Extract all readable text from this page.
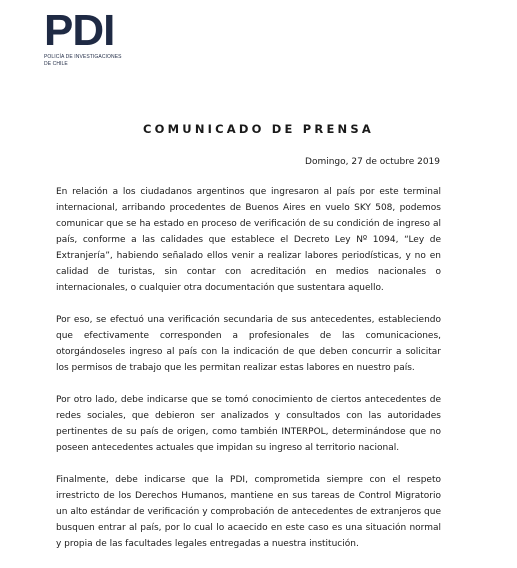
PDI
POLICÍA DE INVESTIGACIONES
DE CHILE
COMUNICADO DE PRENSA
Domingo, 27 de octubre 2019

En relación a los ciudadanos argentinos que ingresaron al país por este terminal internacional, arribando procedentes de Buenos Aires en vuelo SKY 508, podemos comunicar que se ha estado en proceso de verificación de su condición de ingreso al país, conforme a las calidades que establece el Decreto Ley Nº 1094, “Ley de Extranjería”, habiendo señalado ellos venir a realizar labores periodísticas, y no en calidad de turistas, sin contar con acreditación en medios nacionales o internacionales, o cualquier otra documentación que sustentara aquello.

Por eso, se efectuó una verificación secundaria de sus antecedentes, estableciendo que efectivamente corresponden a profesionales de las comunicaciones, otorgándoseles ingreso al país con la indicación de que deben concurrir a solicitar los permisos de trabajo que les permitan realizar estas labores en nuestro país.

Por otro lado, debe indicarse que se tomó conocimiento de ciertos antecedentes de redes sociales, que debieron ser analizados y consultados con las autoridades pertinentes de su país de origen, como también INTERPOL, determinándose que no poseen antecedentes actuales que impidan su ingreso al territorio nacional.

Finalmente, debe indicarse que la PDI, comprometida siempre con el respeto irrestricto de los Derechos Humanos, mantiene en sus tareas de Control Migratorio un alto estándar de verificación y comprobación de antecedentes de extranjeros que busquen entrar al país, por lo cual lo acaecido en este caso es una situación normal y propia de las facultades legales entregadas a nuestra institución.
